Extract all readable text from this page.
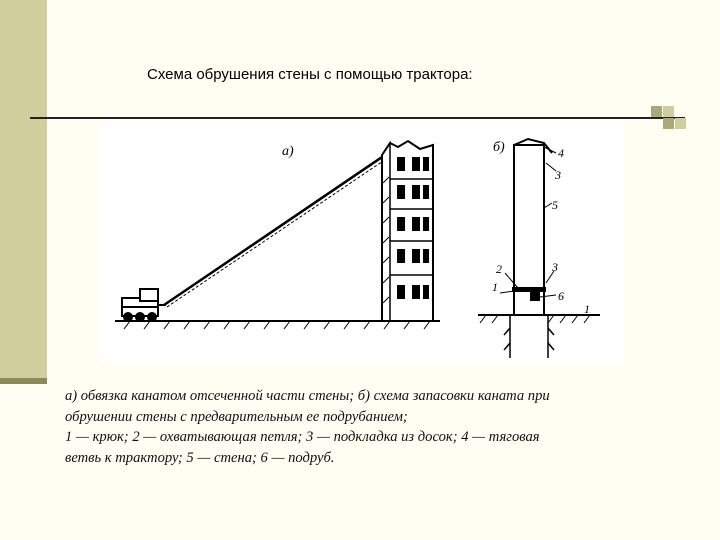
Схема обрушения стены с помощью трактора:
а)	б)	4
3
5
2	3
1
6
1
а) обвязка канатом отсеченной части стены; б) схема запасовки каната при
обрушении стены с предварительным ее подрубанием;
1 — крюк; 2 — охватывающая петля; 3 — подкладка из досок; 4 — тяговая
ветвь к трактору; 5 — стена; 6 — подруб.
